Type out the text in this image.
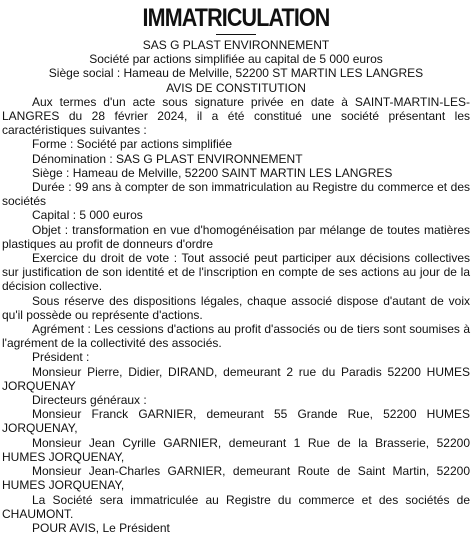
IMMATRICULATION
SAS G PLAST ENVIRONNEMENT
Société par actions simplifiée au capital de 5 000 euros
Siège social : Hameau de Melville, 52200 ST MARTIN LES LANGRES
AVIS DE CONSTITUTION

Aux termes d'un acte sous signature privée en date à SAINT-MARTIN-LES-LANGRES du 28 février 2024, il a été constitué une société présentant les caractéristiques suivantes :

Forme : Société par actions simplifiée

Dénomination : SAS G PLAST ENVIRONNEMENT

Siège : Hameau de Melville, 52200 SAINT MARTIN LES LANGRES

Durée : 99 ans à compter de son immatriculation au Registre du commerce et des sociétés

Capital : 5 000 euros

Objet : transformation en vue d'homogénéisation par mélange de toutes matières plastiques au profit de donneurs d'ordre

Exercice du droit de vote : Tout associé peut participer aux décisions collectives sur justification de son identité et de l'inscription en compte de ses actions au jour de la décision collective.

Sous réserve des dispositions légales, chaque associé dispose d'autant de voix qu'il possède ou représente d'actions.

Agrément : Les cessions d'actions au profit d'associés ou de tiers sont soumises à l'agrément de la collectivité des associés.

Président :

Monsieur Pierre, Didier, DIRAND, demeurant 2 rue du Paradis 52200 HUMES JORQUENAY

Directeurs généraux :

Monsieur Franck GARNIER, demeurant 55 Grande Rue, 52200 HUMES JORQUENAY,

Monsieur Jean Cyrille GARNIER, demeurant 1 Rue de la Brasserie, 52200 HUMES JORQUENAY,

Monsieur Jean-Charles GARNIER, demeurant Route de Saint Martin, 52200 HUMES JORQUENAY,

La Société sera immatriculée au Registre du commerce et des sociétés de CHAUMONT.

POUR AVIS, Le Président
